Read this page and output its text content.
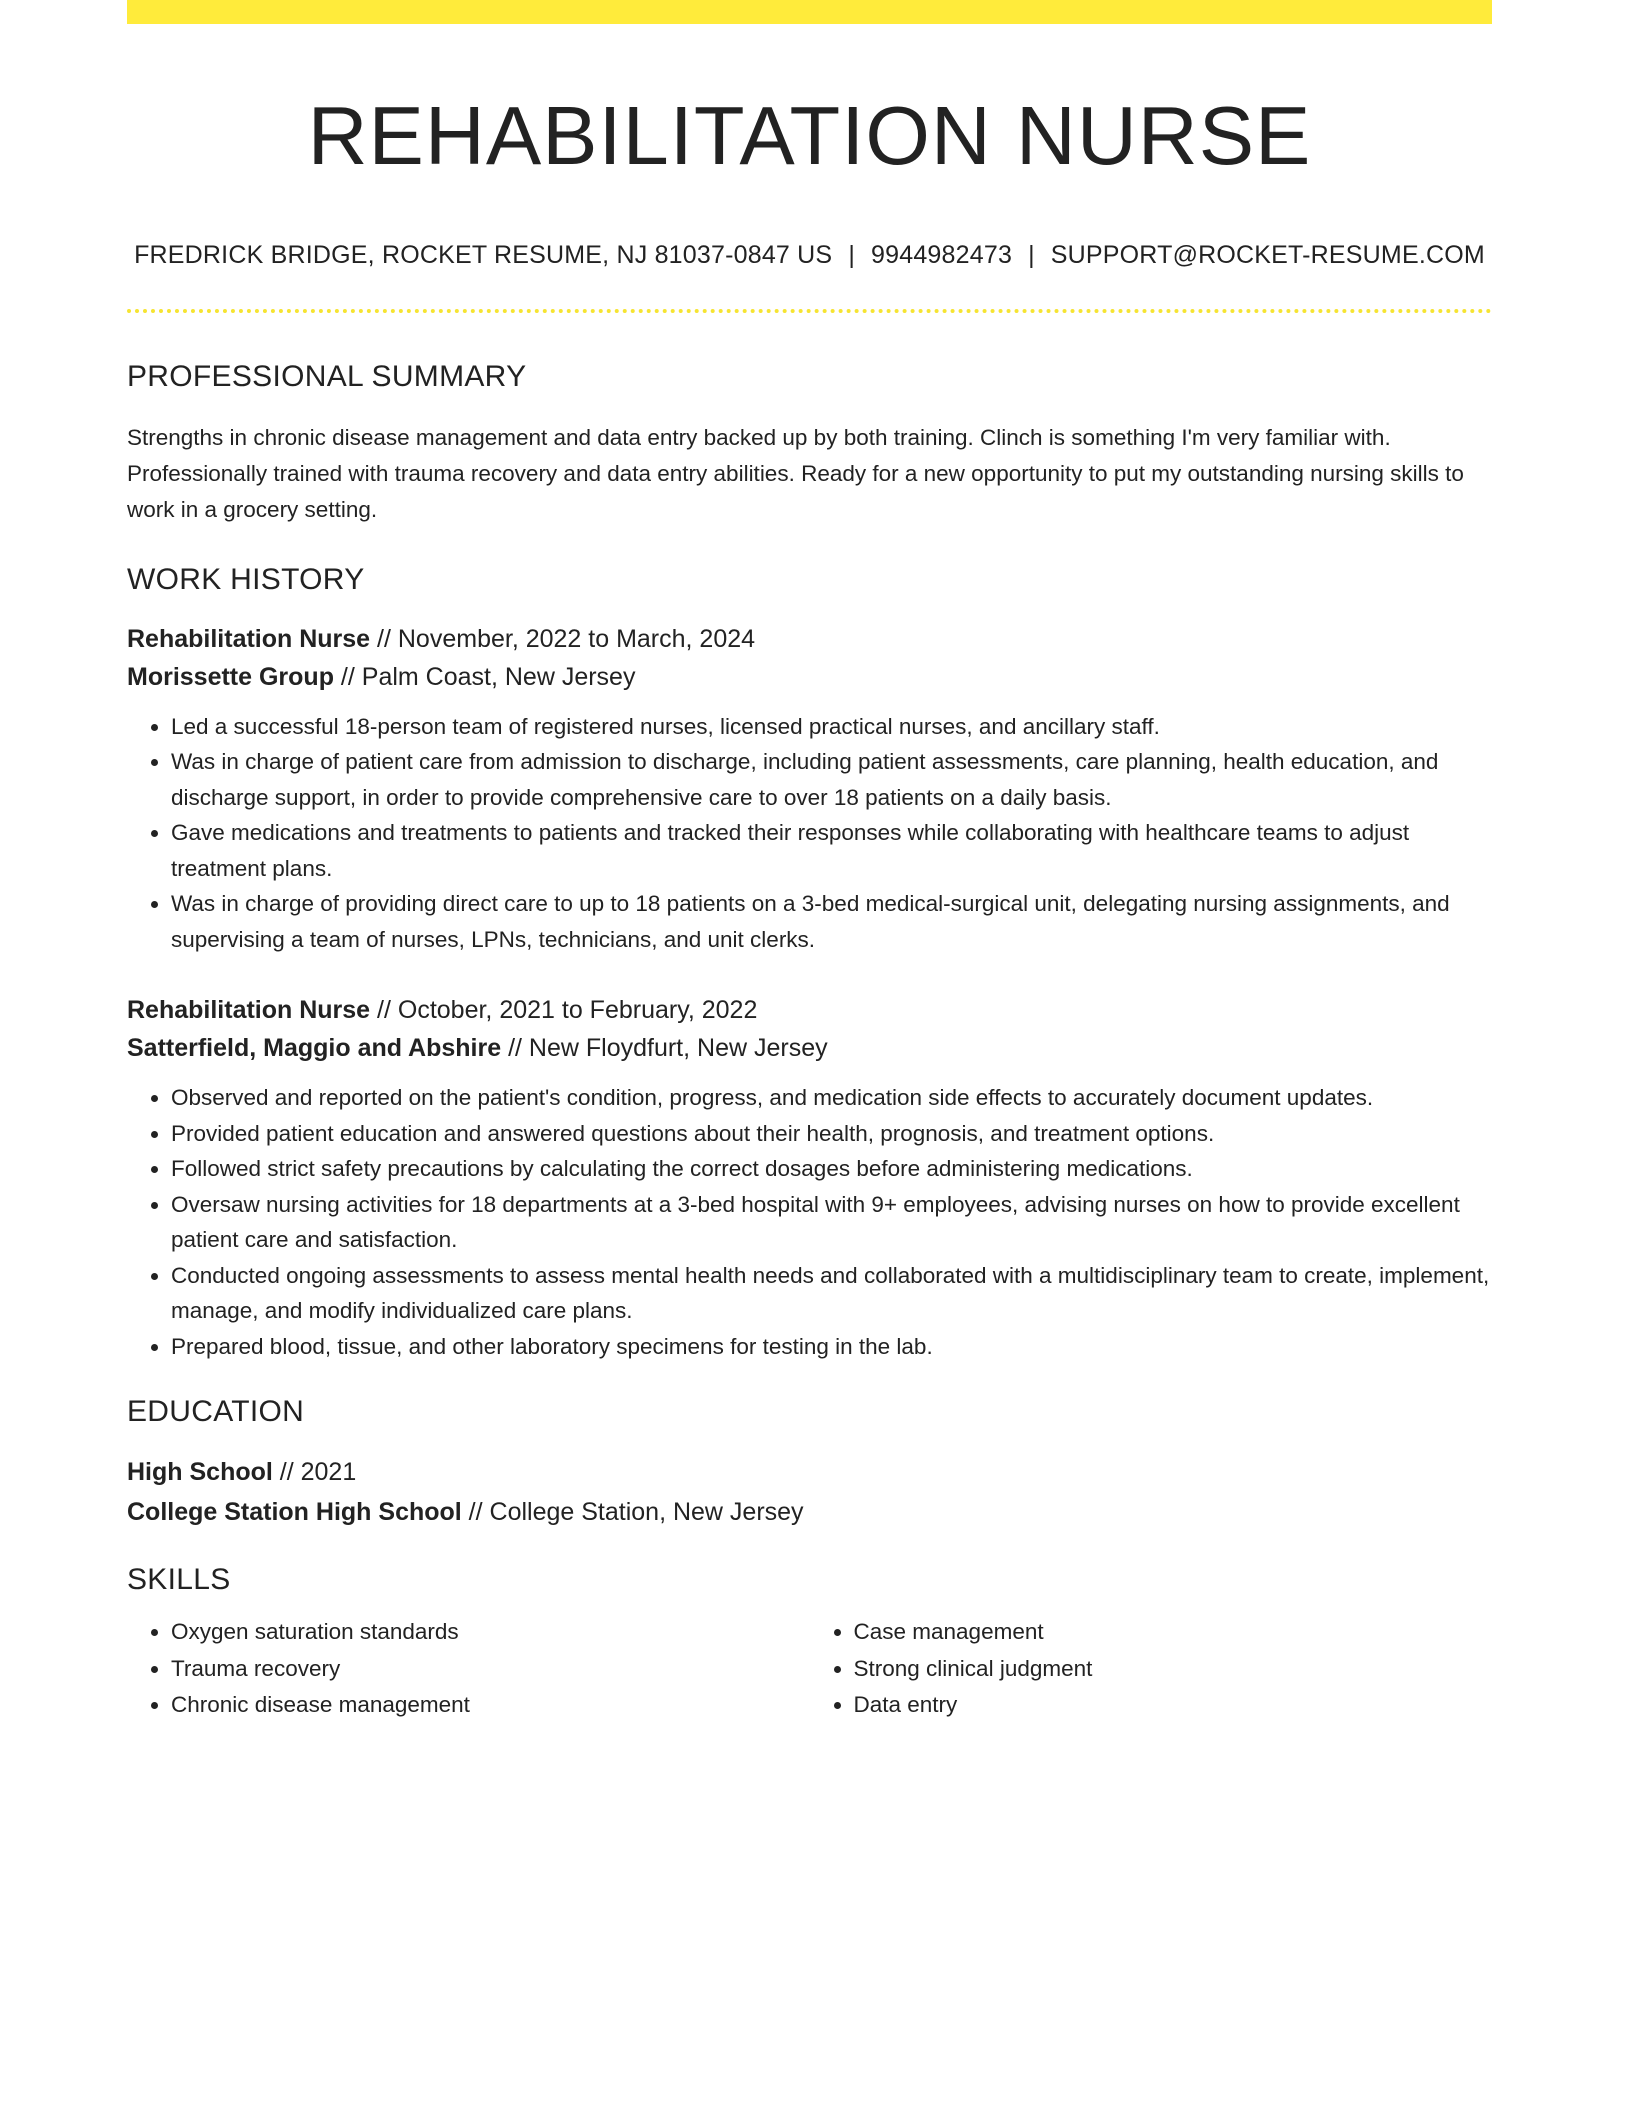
REHABILITATION NURSE
FREDRICK BRIDGE, ROCKET RESUME, NJ 81037-0847 US | 9944982473 | SUPPORT@ROCKET-RESUME.COM
PROFESSIONAL SUMMARY
Strengths in chronic disease management and data entry backed up by both training. Clinch is something I'm very familiar with. Professionally trained with trauma recovery and data entry abilities. Ready for a new opportunity to put my outstanding nursing skills to work in a grocery setting.
WORK HISTORY
Rehabilitation Nurse // November, 2022 to March, 2024
Morissette Group // Palm Coast, New Jersey
• Led a successful 18-person team of registered nurses, licensed practical nurses, and ancillary staff.
• Was in charge of patient care from admission to discharge, including patient assessments, care planning, health education, and discharge support, in order to provide comprehensive care to over 18 patients on a daily basis.
• Gave medications and treatments to patients and tracked their responses while collaborating with healthcare teams to adjust treatment plans.
• Was in charge of providing direct care to up to 18 patients on a 3-bed medical-surgical unit, delegating nursing assignments, and supervising a team of nurses, LPNs, technicians, and unit clerks.
Rehabilitation Nurse // October, 2021 to February, 2022
Satterfield, Maggio and Abshire // New Floydfurt, New Jersey
• Observed and reported on the patient's condition, progress, and medication side effects to accurately document updates.
• Provided patient education and answered questions about their health, prognosis, and treatment options.
• Followed strict safety precautions by calculating the correct dosages before administering medications.
• Oversaw nursing activities for 18 departments at a 3-bed hospital with 9+ employees, advising nurses on how to provide excellent patient care and satisfaction.
• Conducted ongoing assessments to assess mental health needs and collaborated with a multidisciplinary team to create, implement, manage, and modify individualized care plans.
• Prepared blood, tissue, and other laboratory specimens for testing in the lab.
EDUCATION
High School // 2021
College Station High School // College Station, New Jersey
SKILLS
• Oxygen saturation standards
• Trauma recovery
• Chronic disease management
• Case management
• Strong clinical judgment
• Data entry
